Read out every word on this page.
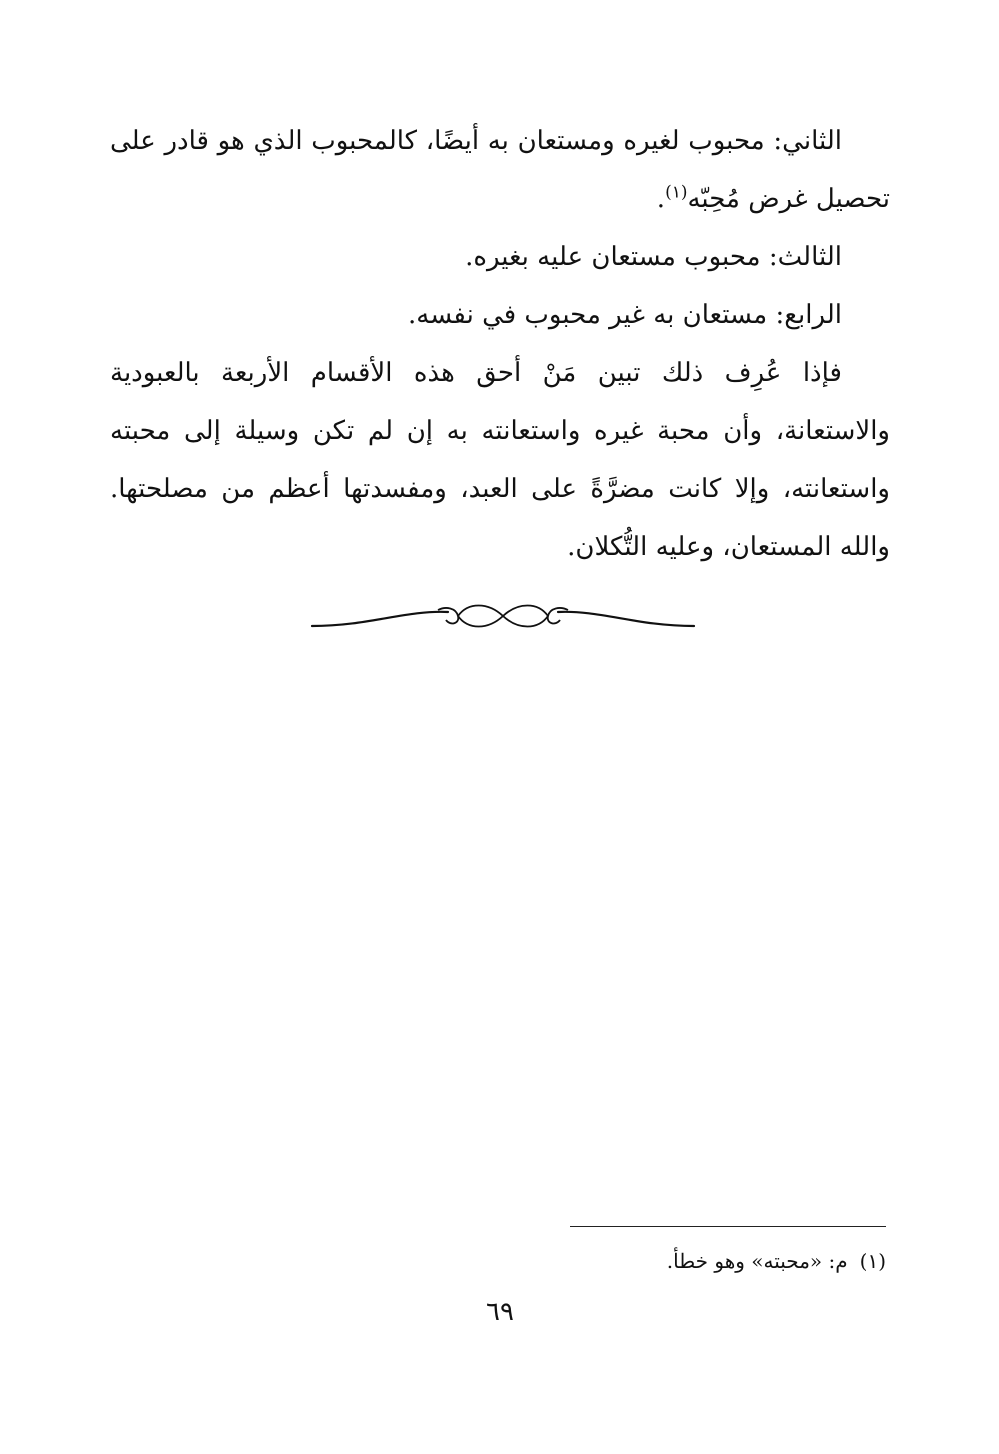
الثاني: محبوب لغيره ومستعان به أيضًا، كالمحبوب الذي هو قادر على تحصيل غرض مُحِبّه$^{(١)}$.

الثالث: محبوب مستعان عليه بغيره.

الرابع: مستعان به غير محبوب في نفسه.

فإذا عُرِف ذلك تبين مَنْ أحق هذه الأقسام الأربعة بالعبودية والاستعانة، وأن محبة غيره واستعانته به إن لم تكن وسيلة إلى محبته واستعانته، وإلا كانت مضرَّةً على العبد، ومفسدتها أعظم من مصلحتها. والله المستعان، وعليه التُّكلان.

(١)م: «محبته» وهو خطأ.
٦٩
